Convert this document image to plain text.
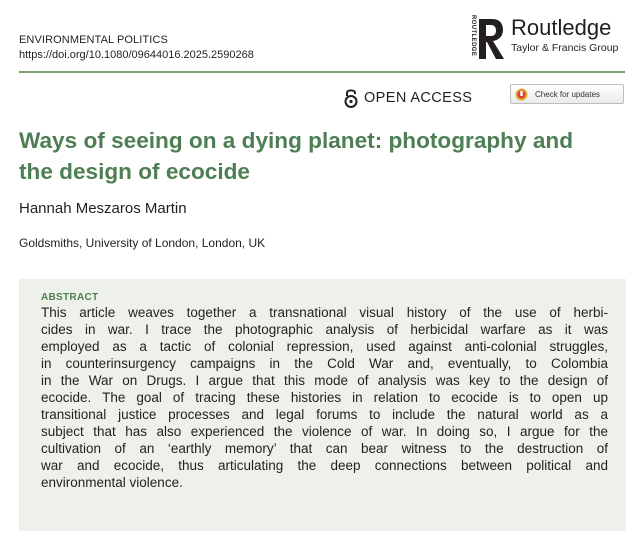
ENVIRONMENTAL POLITICS
https://doi.org/10.1080/09644016.2025.2590268	ROUTLEDGE Routledge
Taylor & Francis Group
OPEN ACCESS	Check for updates
Ways of seeing on a dying planet: photography and
the design of ecocide
Hannah Meszaros Martin
Goldsmiths, University of London, London, UK
ABSTRACT
This article weaves together a transnational visual history of the use of herbi-
cides in war. I trace the photographic analysis of herbicidal warfare as it was
employed as a tactic of colonial repression, used against anti-colonial struggles,
in counterinsurgency campaigns in the Cold War and, eventually, to Colombia
in the War on Drugs. I argue that this mode of analysis was key to the design of
ecocide. The goal of tracing these histories in relation to ecocide is to open up
transitional justice processes and legal forums to include the natural world as a
subject that has also experienced the violence of war. In doing so, I argue for the
cultivation of an ‘earthly memory’ that can bear witness to the destruction of
war and ecocide, thus articulating the deep connections between political and
environmental violence.
